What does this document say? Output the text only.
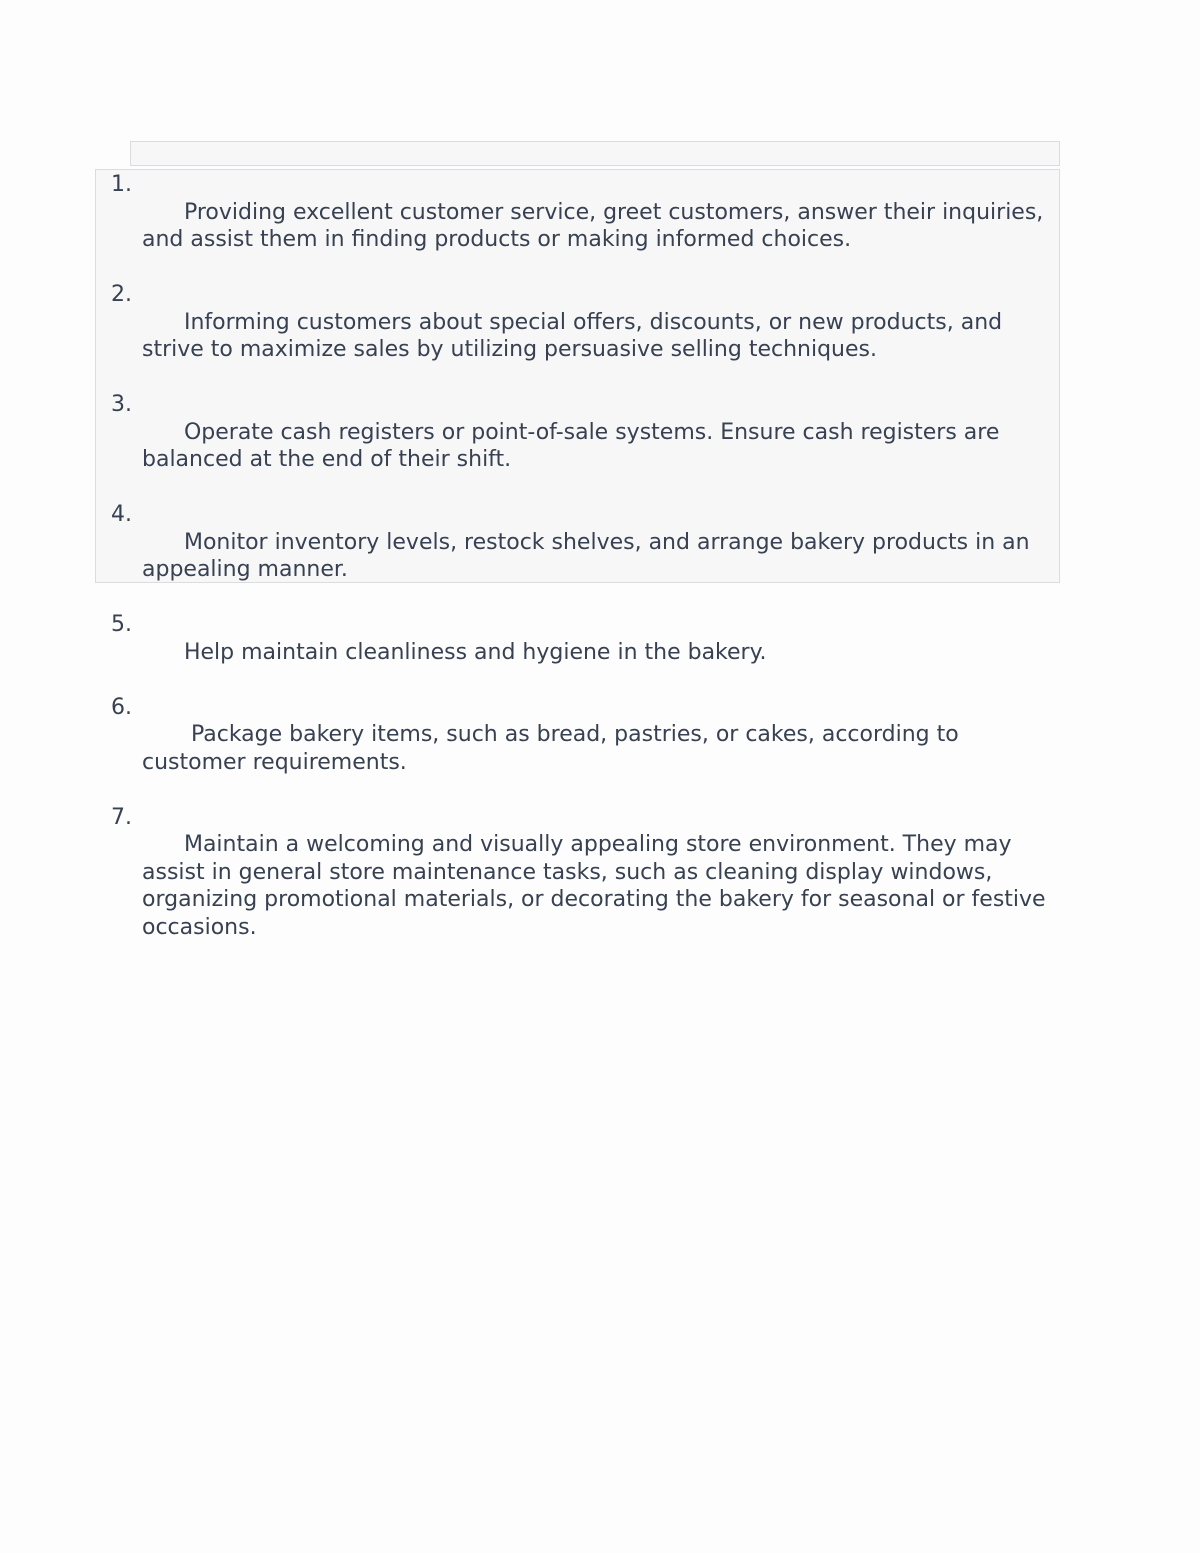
1.
Providing excellent customer service, greet customers, answer their inquiries, and assist them in finding products or making informed choices.

2.
Informing customers about special offers, discounts, or new products, and strive to maximize sales by utilizing persuasive selling techniques.

3.
Operate cash registers or point-of-sale systems. Ensure cash registers are balanced at the end of their shift.

4.
Monitor inventory levels, restock shelves, and arrange bakery products in an appealing manner.

5.
Help maintain cleanliness and hygiene in the bakery.

6.
Package bakery items, such as bread, pastries, or cakes, according to customer requirements.

7.
Maintain a welcoming and visually appealing store environment. They may assist in general store maintenance tasks, such as cleaning display windows, organizing promotional materials, or decorating the bakery for seasonal or festive occasions.
